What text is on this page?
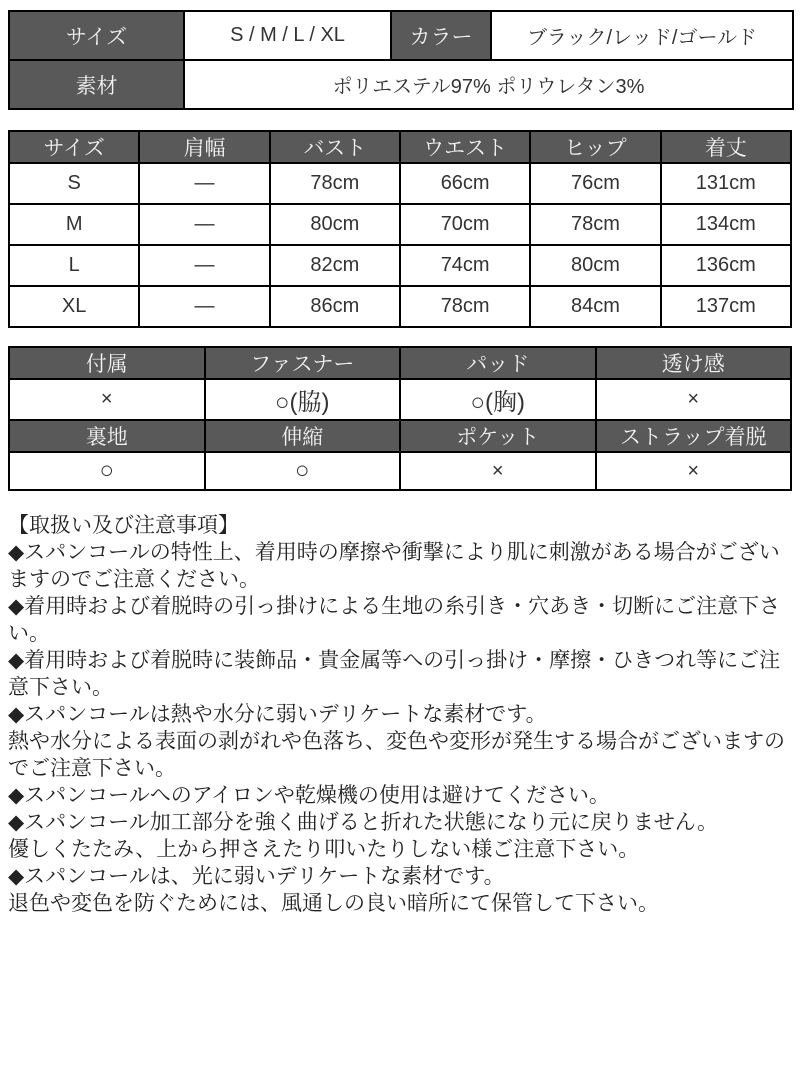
サイズ	S / M / L / XL	カラー	ブラック/レッド/ゴールド
素材	ポリエステル97% ポリウレタン3%		
サイズ	肩幅	バスト	ウエスト	ヒップ	着丈
S	―	78cm	66cm	76cm	131cm
M	―	80cm	70cm	78cm	134cm
L	―	82cm	74cm	80cm	136cm
XL	―	86cm	78cm	84cm	137cm
付属	ファスナー	パッド	透け感
×	○(脇)	○(胸)	×
裏地	伸縮	ポケット	ストラップ着脱
○	○	×	×

【取扱い及び注意事項】

◆スパンコールの特性上、着用時の摩擦や衝撃により肌に刺激がある場合がございますのでご注意ください。

◆着用時および着脱時の引っ掛けによる生地の糸引き・穴あき・切断にご注意下さい。

◆着用時および着脱時に装飾品・貴金属等への引っ掛け・摩擦・ひきつれ等にご注意下さい。

◆スパンコールは熱や水分に弱いデリケートな素材です。

熱や水分による表面の剥がれや色落ち、変色や変形が発生する場合がございますのでご注意下さい。

◆スパンコールへのアイロンや乾燥機の使用は避けてください。

◆スパンコール加工部分を強く曲げると折れた状態になり元に戻りません。

優しくたたみ、上から押さえたり叩いたりしない様ご注意下さい。

◆スパンコールは、光に弱いデリケートな素材です。

退色や変色を防ぐためには、風通しの良い暗所にて保管して下さい。
